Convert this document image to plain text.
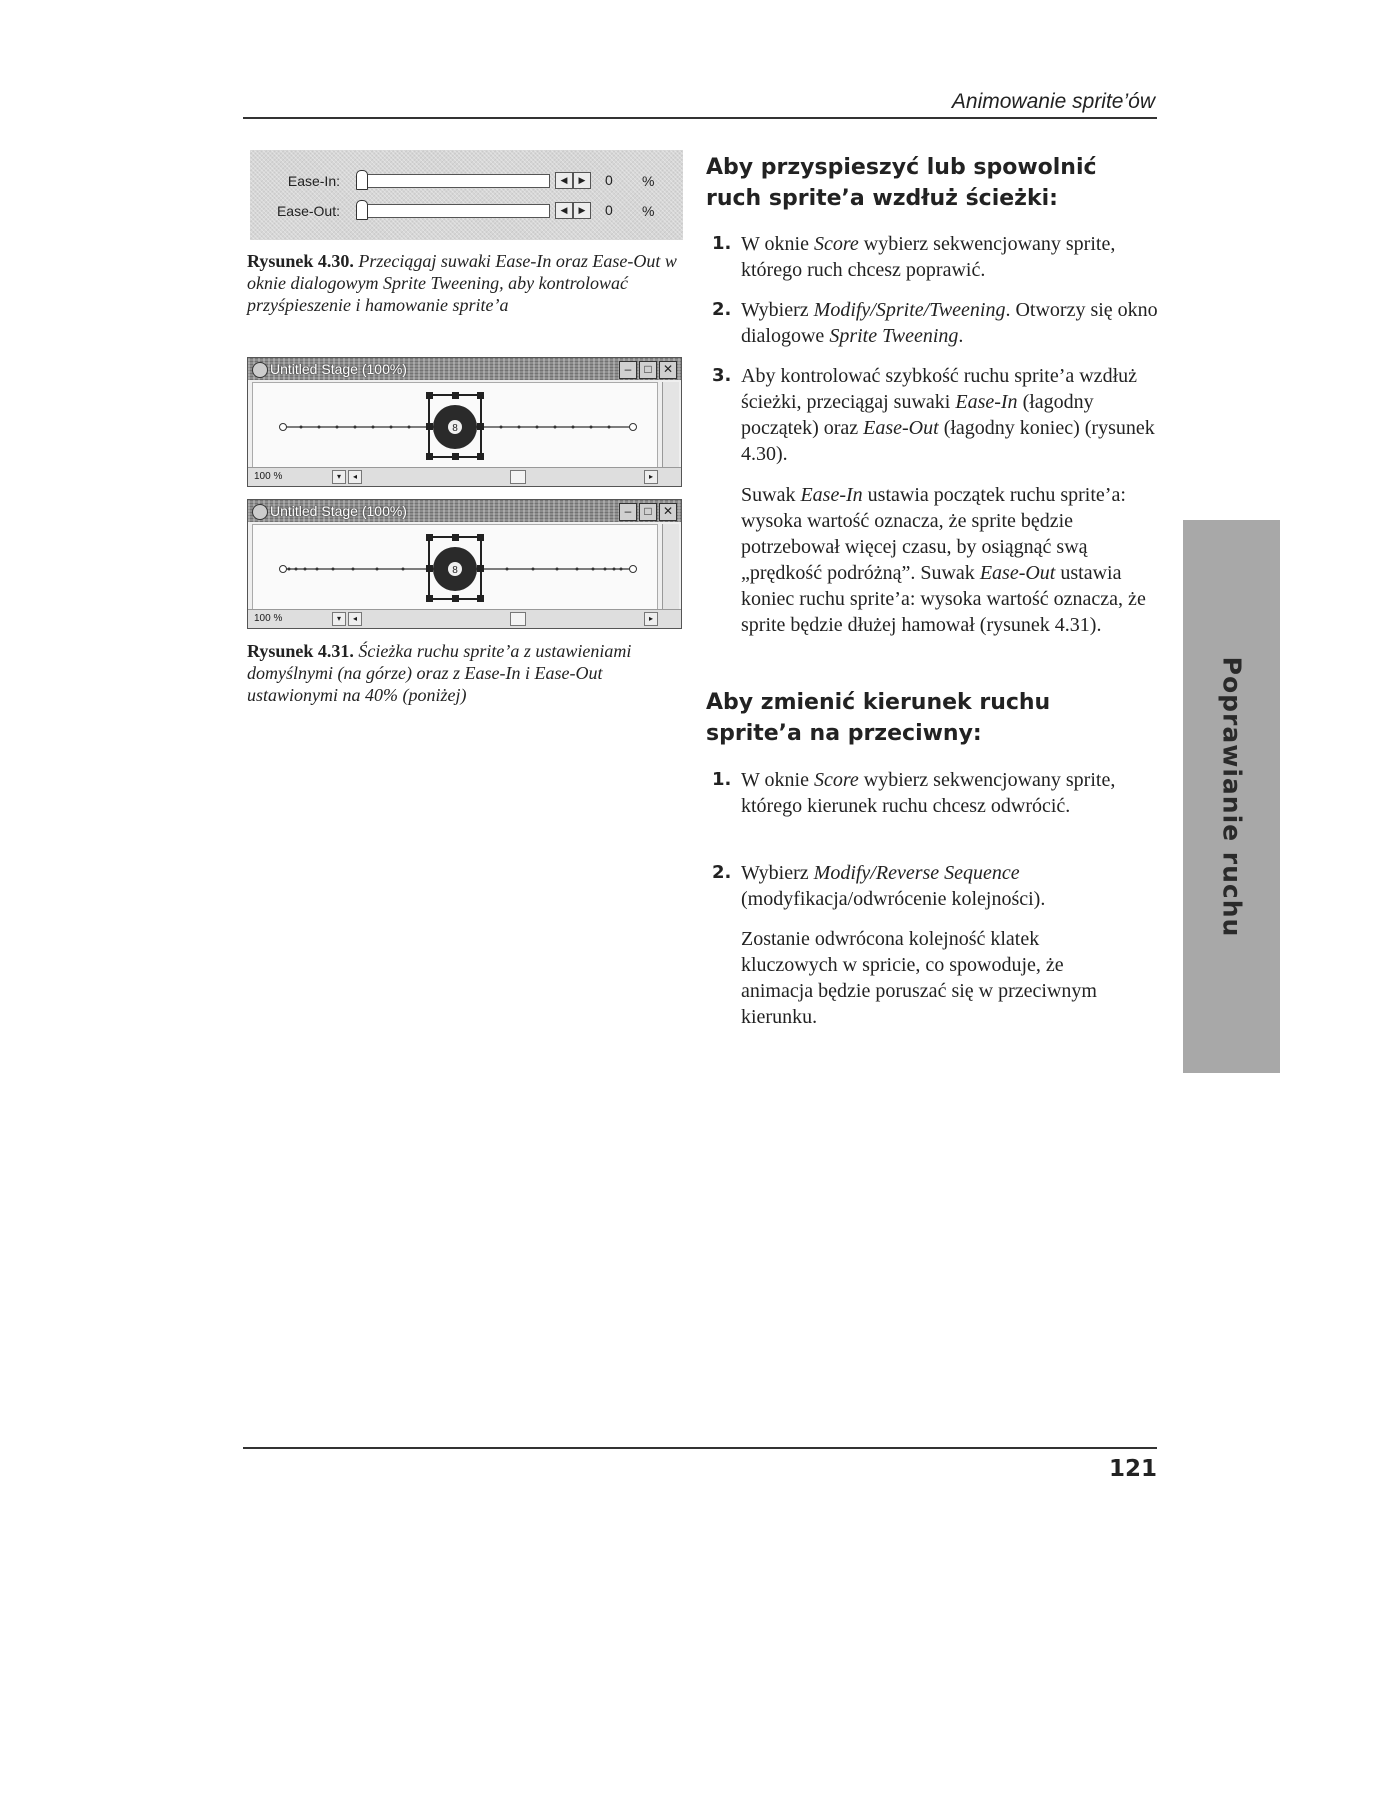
Animowanie sprite’ów
Ease-In:	◀	▶	0 %
Ease-Out:	◀	▶	0 %
Rysunek 4.30. Przeciągaj suwaki Ease-In oraz Ease-Out w oknie dialogowym Sprite Tweening, aby kontrolować przyśpieszenie i hamowanie sprite’a
Untitled Stage (100%)	–	□ ✕
8
100 %	▾	◂	▸
Untitled Stage (100%)	–	□ ✕
8
100 %	▾	◂	▸
Rysunek 4.31. Ścieżka ruchu sprite’a z ustawieniami domyślnymi (na górze) oraz z Ease-In i Ease-Out ustawionymi na 40% (poniżej)
Aby przyspieszyć lub spowolnić
ruch sprite’a wzdłuż ścieżki:
1. W oknie Score wybierz sekwencjowany sprite, którego ruch chcesz poprawić.
2. Wybierz Modify/Sprite/Tweening. Otworzy się okno dialogowe Sprite Tweening.
3. Aby kontrolować szybkość ruchu sprite’a wzdłuż ścieżki, przeciągaj suwaki Ease-In (łagodny początek) oraz Ease-Out (łagodny koniec) (rysunek 4.30).
Suwak Ease-In ustawia początek ruchu sprite’a: wysoka wartość oznacza, że sprite będzie potrzebował więcej czasu, by osiągnąć swą „prędkość podróżną”. Suwak Ease-Out ustawia koniec ruchu sprite’a: wysoka wartość oznacza, że sprite będzie dłużej hamował (rysunek 4.31).
Aby zmienić kierunek ruchu
sprite’a na przeciwny:
1. W oknie Score wybierz sekwencjowany sprite, którego kierunek ruchu chcesz odwrócić.
2. Wybierz Modify/Reverse Sequence (modyfikacja/odwrócenie kolejności).
Zostanie odwrócona kolejność klatek kluczowych w spricie, co spowoduje, że animacja będzie poruszać się w przeciwnym kierunku.
Poprawianie ruchu
121
